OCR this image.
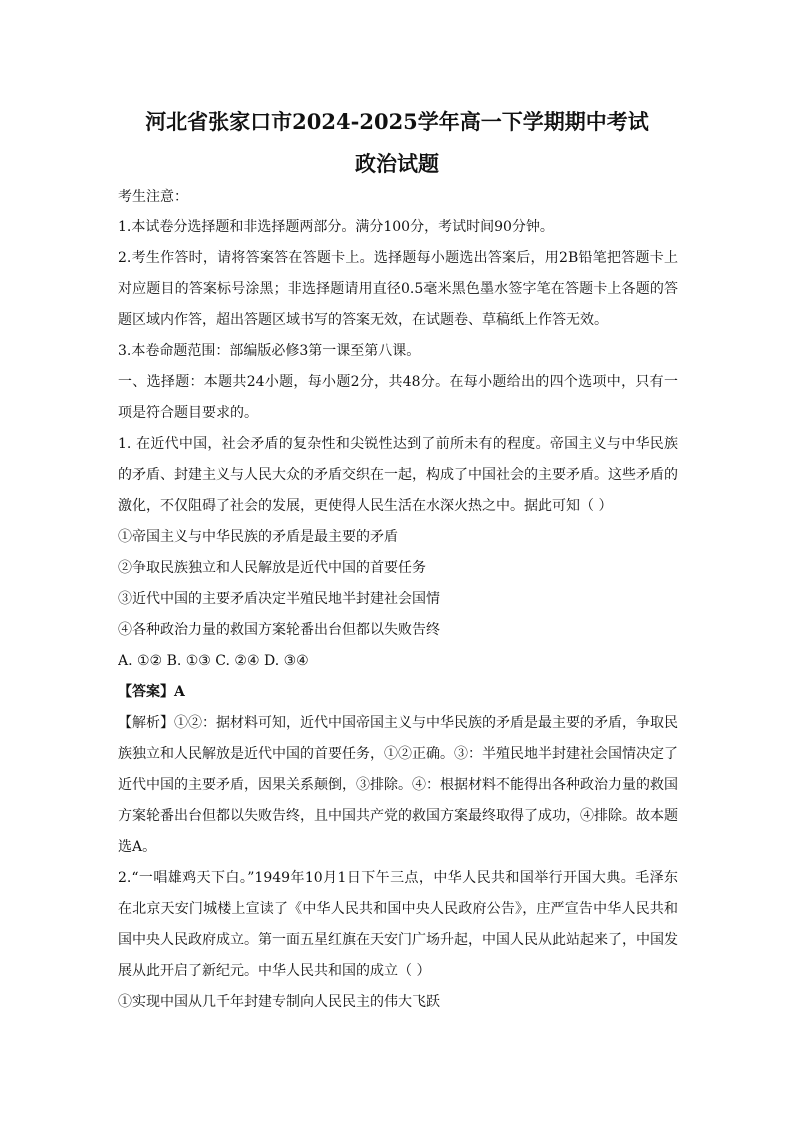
河北省张家口市2024-2025学年高一下学期期中考试
政治试题
考生注意：
1.本试卷分选择题和非选择题两部分。满分100分，考试时间90分钟。
2.考生作答时，请将答案答在答题卡上。选择题每小题选出答案后，用2B铅笔把答题卡上
对应题目的答案标号涂黑；非选择题请用直径0.5毫米黑色墨水签字笔在答题卡上各题的答
题区域内作答，超出答题区域书写的答案无效，在试题卷、草稿纸上作答无效。
3.本卷命题范围：部编版必修3第一课至第八课。
一、选择题：本题共24小题，每小题2分，共48分。在每小题给出的四个选项中，只有一
项是符合题目要求的。
1. 在近代中国，社会矛盾的复杂性和尖锐性达到了前所未有的程度。帝国主义与中华民族
的矛盾、封建主义与人民大众的矛盾交织在一起，构成了中国社会的主要矛盾。这些矛盾的
激化，不仅阻碍了社会的发展，更使得人民生活在水深火热之中。据此可知（ ）
①帝国主义与中华民族的矛盾是最主要的矛盾
②争取民族独立和人民解放是近代中国的首要任务
③近代中国的主要矛盾决定半殖民地半封建社会国情
④各种政治力量的救国方案轮番出台但都以失败告终
A. ①② B. ①③ C. ②④ D. ③④
【答案】A
【解析】①②：据材料可知，近代中国帝国主义与中华民族的矛盾是最主要的矛盾，争取民
族独立和人民解放是近代中国的首要任务，①②正确。③：半殖民地半封建社会国情决定了
近代中国的主要矛盾，因果关系颠倒，③排除。④：根据材料不能得出各种政治力量的救国
方案轮番出台但都以失败告终，且中国共产党的救国方案最终取得了成功，④排除。故本题
选A。
2.“一唱雄鸡天下白。”1949年10月1日下午三点，中华人民共和国举行开国大典。毛泽东
在北京天安门城楼上宣读了《中华人民共和国中央人民政府公告》，庄严宣告中华人民共和
国中央人民政府成立。第一面五星红旗在天安门广场升起，中国人民从此站起来了，中国发
展从此开启了新纪元。中华人民共和国的成立（ ）
①实现中国从几千年封建专制向人民民主的伟大飞跃
